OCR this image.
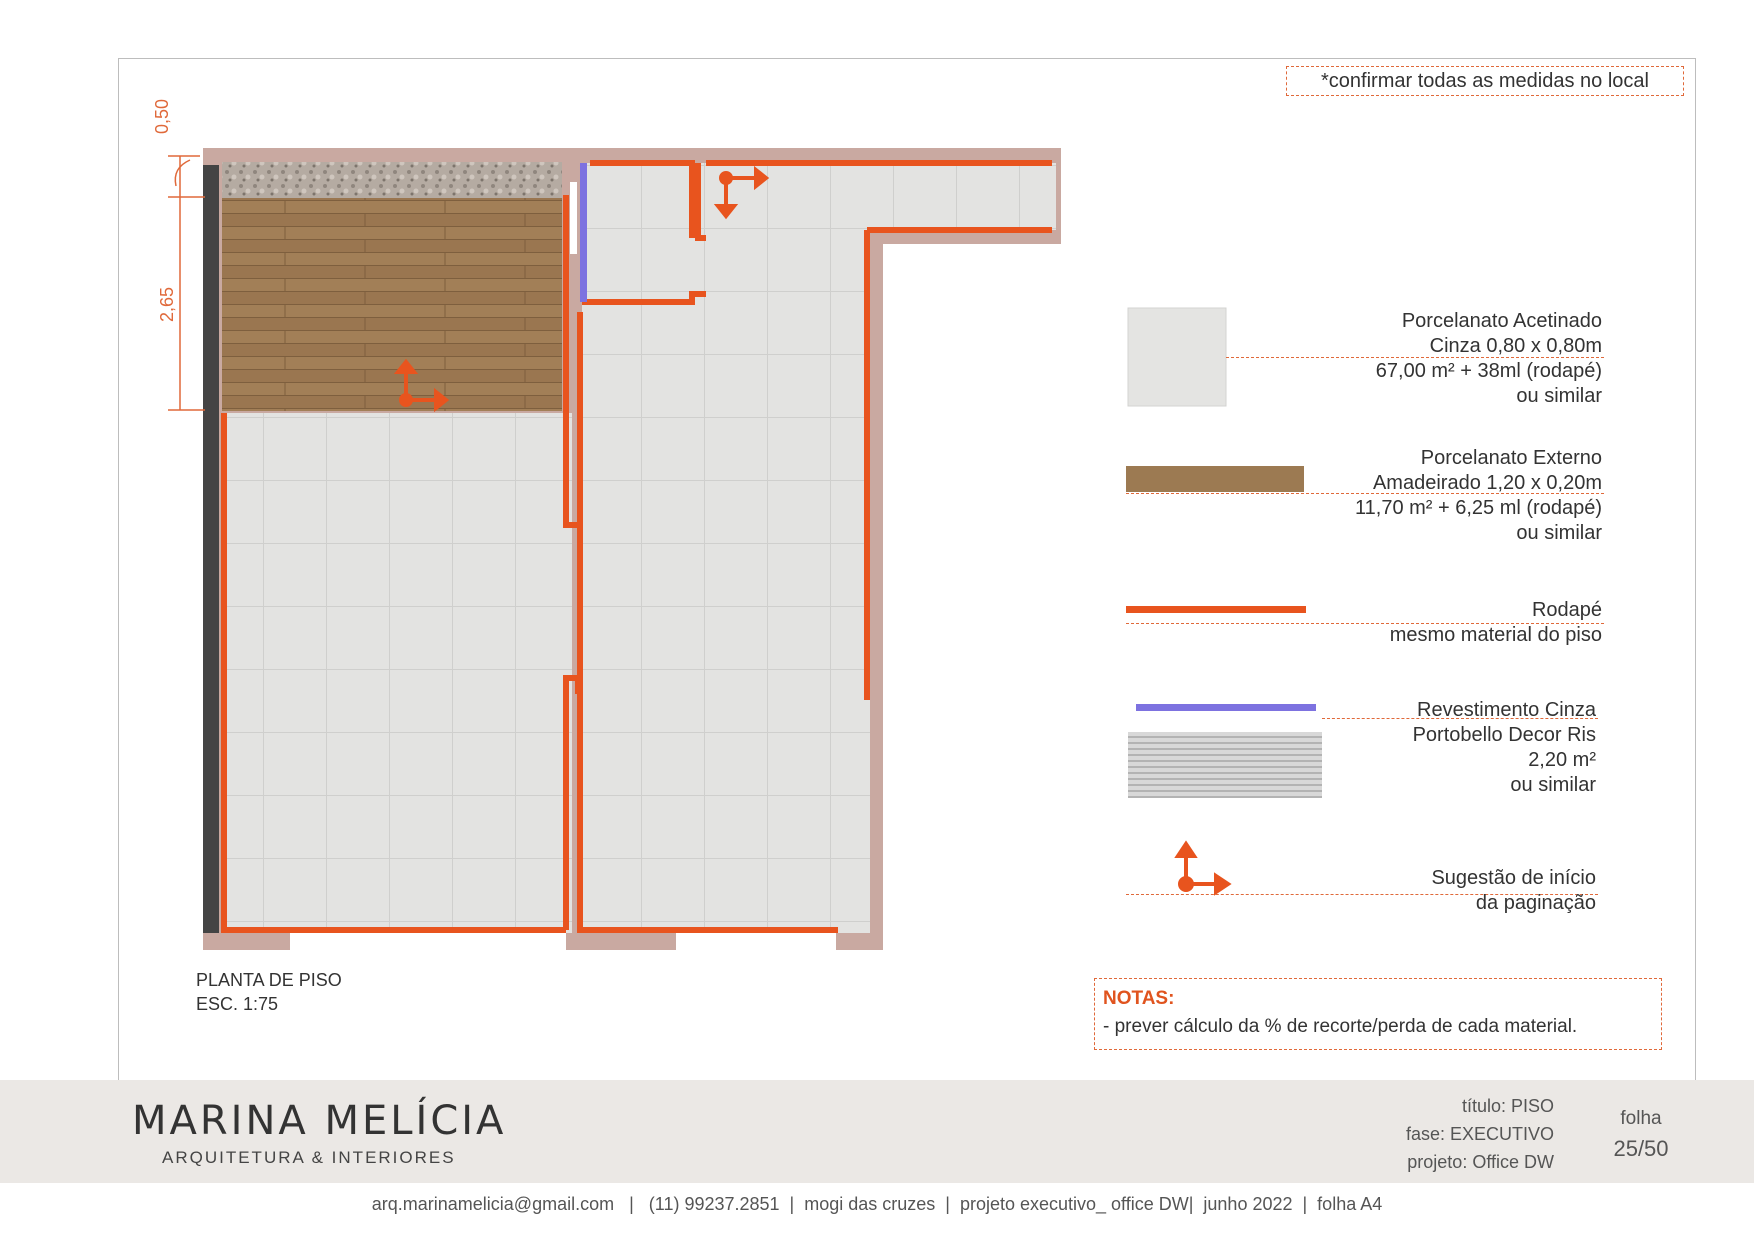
*confirmar todas as medidas no local
0,50
2,65	Porcelanato Acetinado
Cinza 0,80 x 0,80m
67,00 m² + 38ml (rodapé)
ou similar
Porcelanato Externo
Amadeirado 1,20 x 0,20m
11,70 m² + 6,25 ml (rodapé)
ou similar
Rodapé
mesmo material do piso
Revestimento Cinza
Portobello Decor Ris
2,20 m²
ou similar
Sugestão de início
da paginação
PLANTA DE PISO
ESC. 1:75	NOTAS:
- prever cálculo da % de recorte/perda de cada material.
MARINA MELÍCIA
ARQUITETURA & INTERIORES
título: PISO
fase: EXECUTIVO
projeto: Office DW
folha
25/50
arq.marinamelicia@gmail.com   |   (11) 99237.2851  |  mogi das cruzes  |  projeto executivo_ office DW|  junho 2022  |  folha A4
